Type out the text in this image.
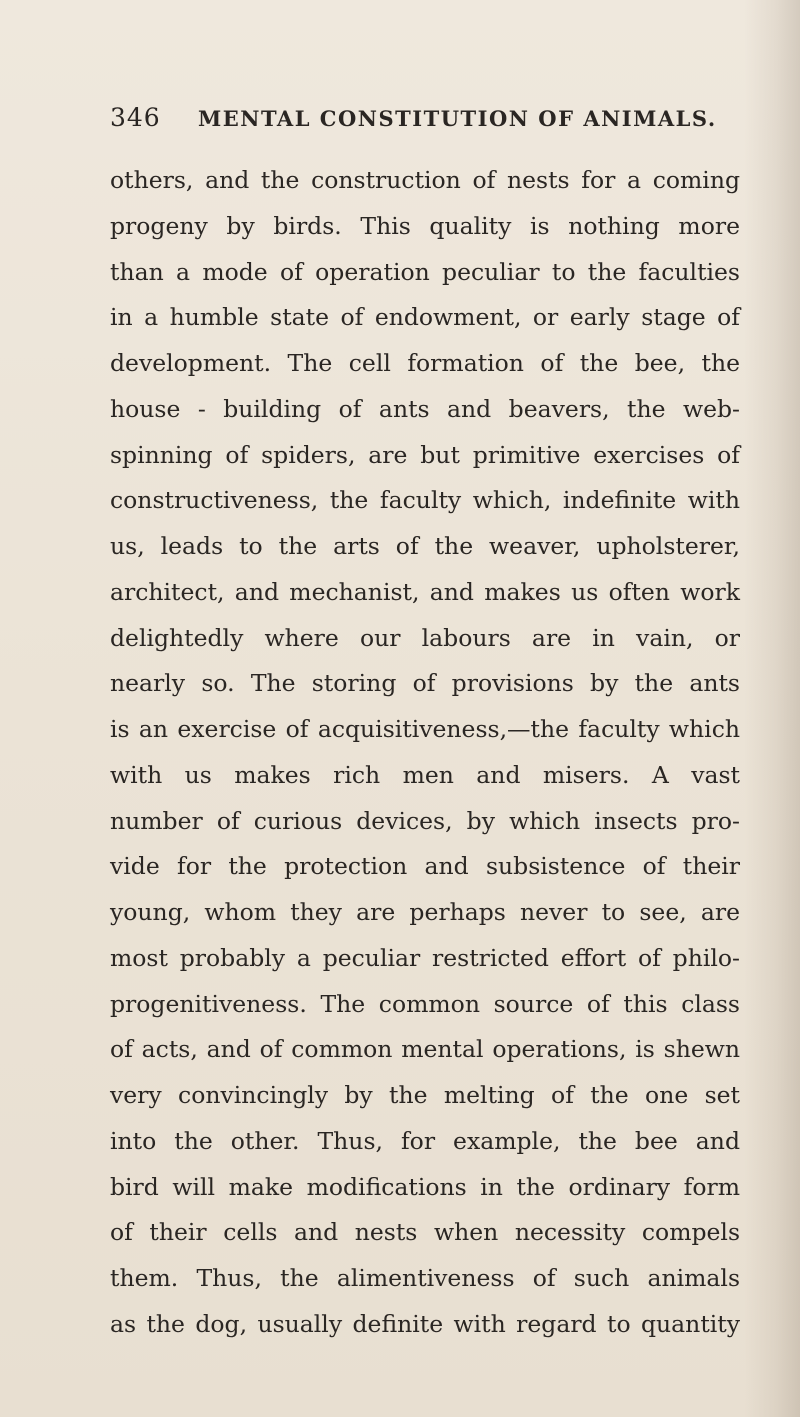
346	MENTAL CONSTITUTION OF ANIMALS.
others, and the construction of nests for a coming
progeny by birds. This quality is nothing more
than a mode of operation peculiar to the faculties
in a humble state of endowment, or early stage of
development. The cell formation of the bee, the
house - building of ants and beavers, the web-
spinning of spiders, are but primitive exercises of
constructiveness, the faculty which, indefinite with
us, leads to the arts of the weaver, upholsterer,
architect, and mechanist, and makes us often work
delightedly where our labours are in vain, or
nearly so. The storing of provisions by the ants
is an exercise of acquisitiveness,—the faculty which
with us makes rich men and misers. A vast
number of curious devices, by which insects pro-
vide for the protection and subsistence of their
young, whom they are perhaps never to see, are
most probably a peculiar restricted effort of philo-
progenitiveness. The common source of this class
of acts, and of common mental operations, is shewn
very convincingly by the melting of the one set
into the other. Thus, for example, the bee and
bird will make modifications in the ordinary form
of their cells and nests when necessity compels
them. Thus, the alimentiveness of such animals
as the dog, usually definite with regard to quantity
